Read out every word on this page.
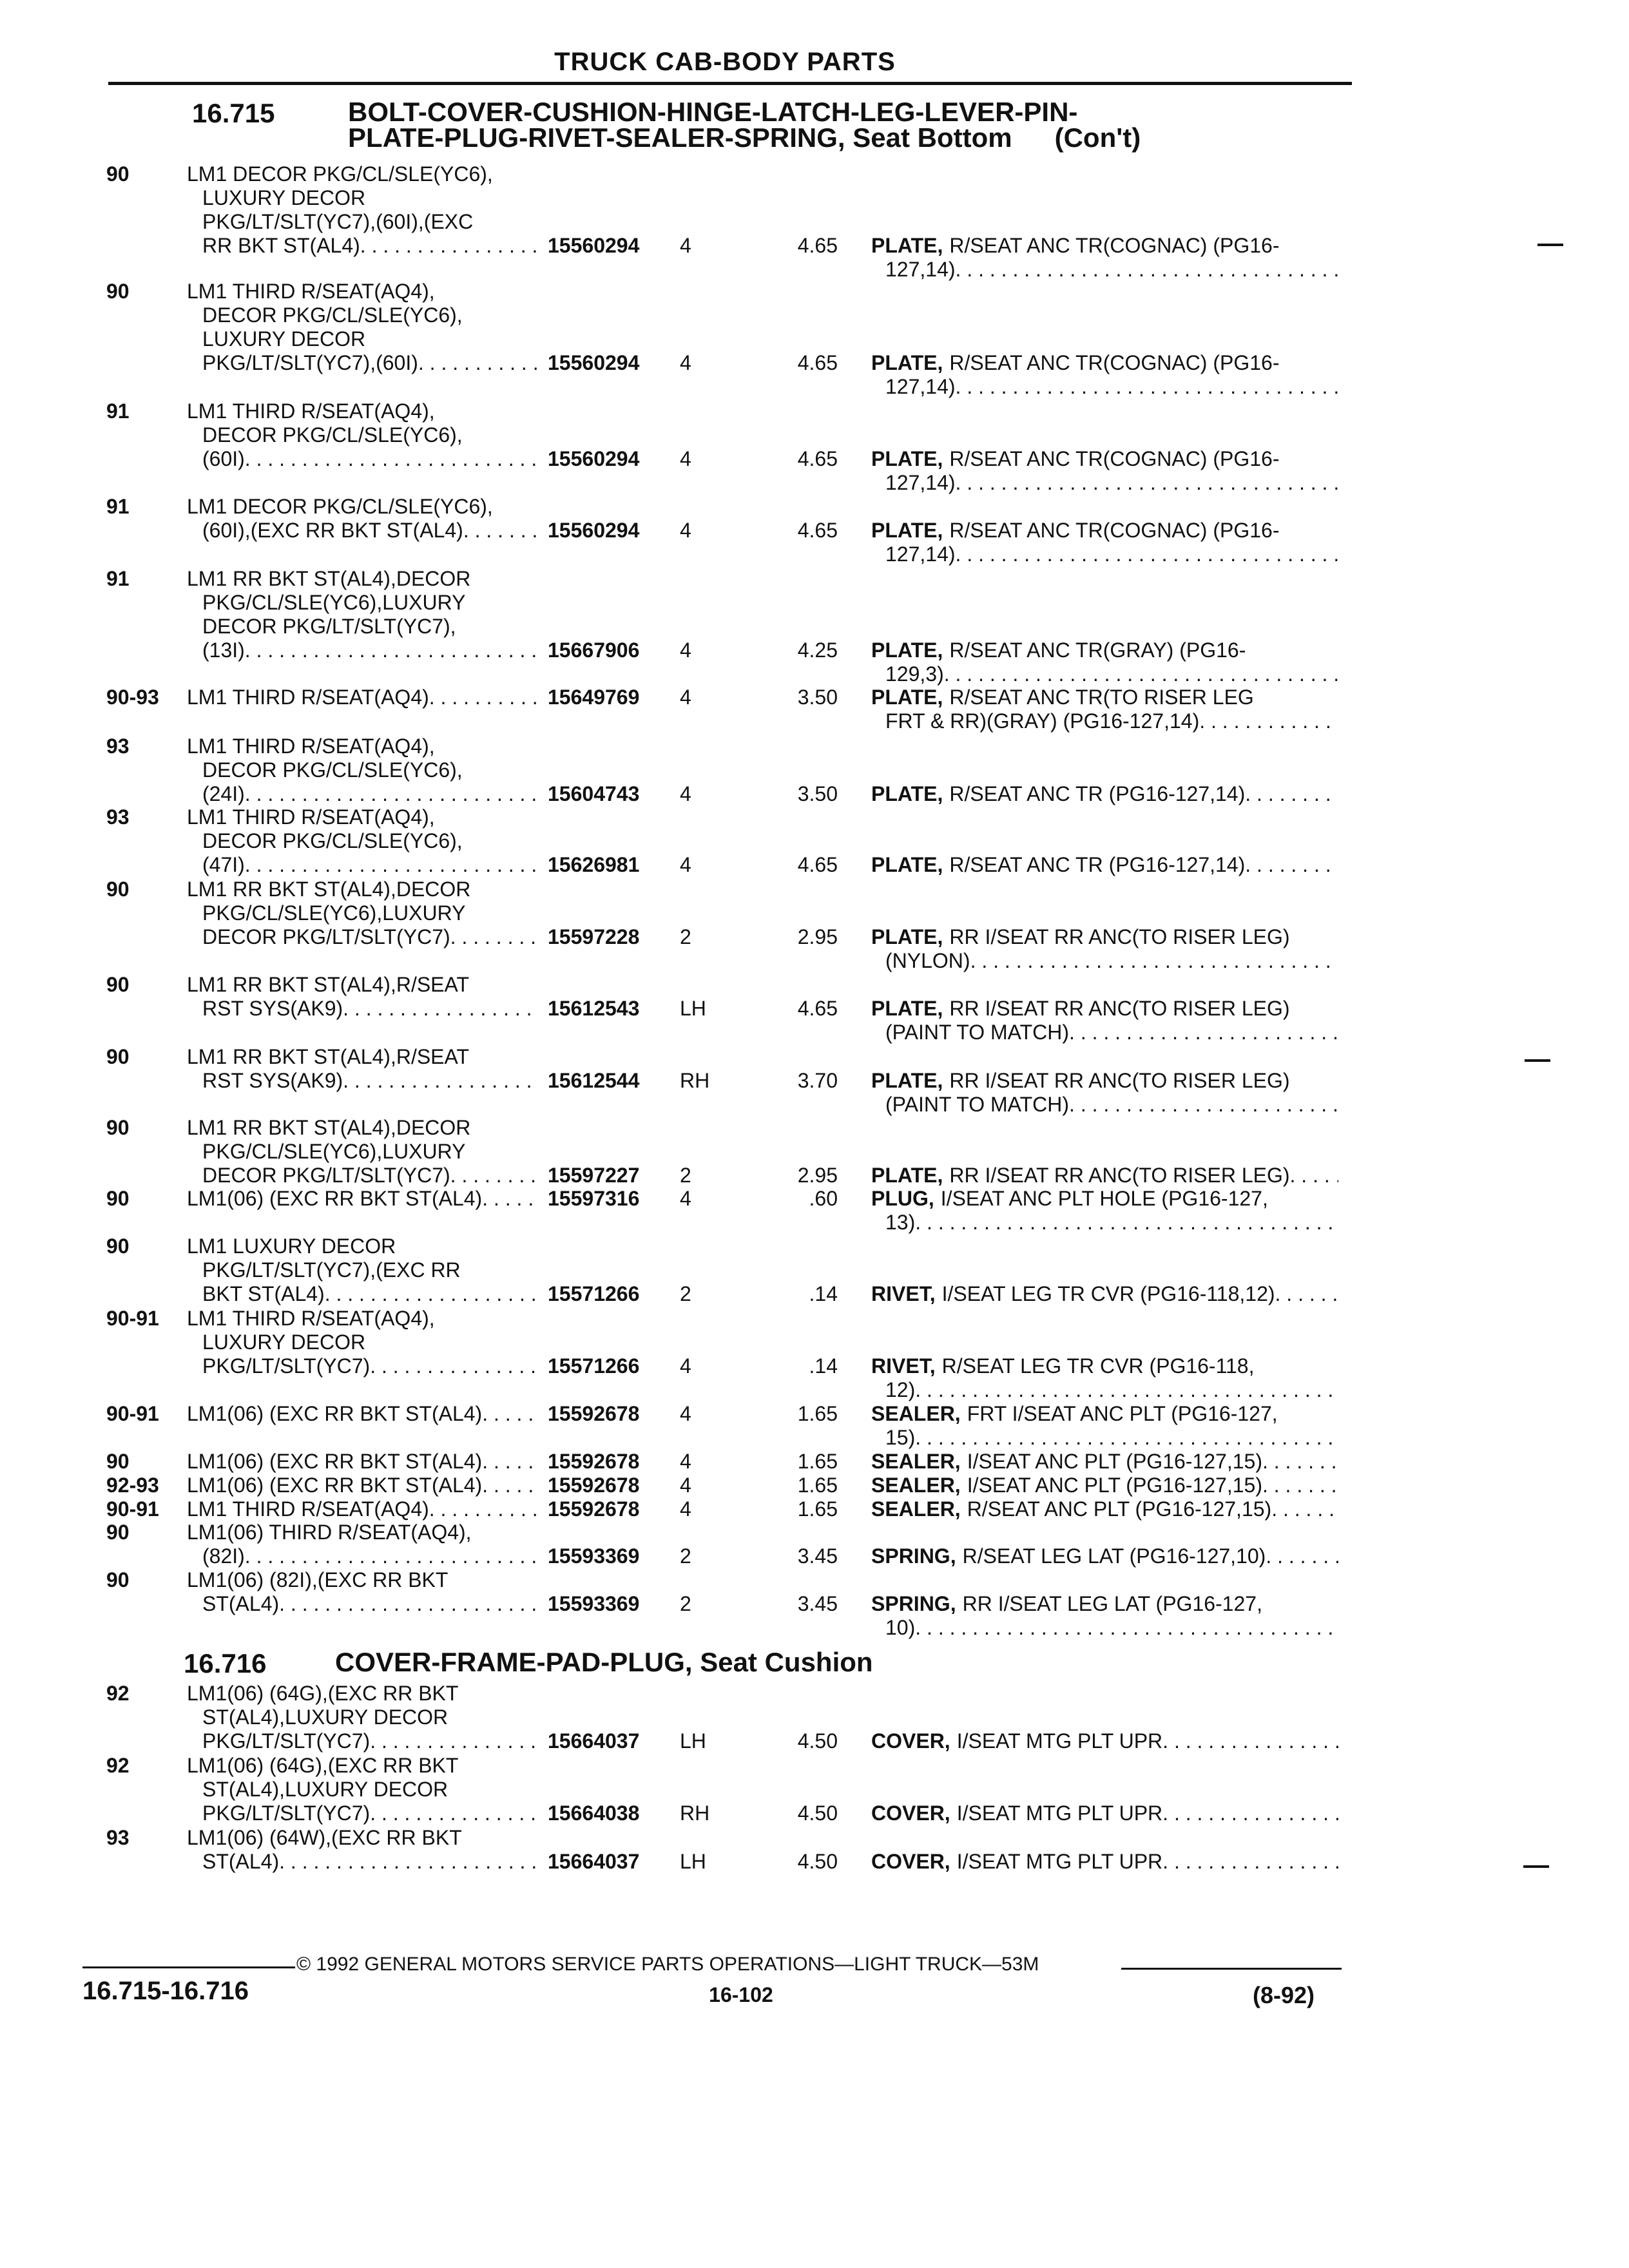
TRUCK CAB-BODY PARTS
16.715	BOLT-COVER-CUSHION-HINGE-LATCH-LEG-LEVER-PIN-
PLATE-PLUG-RIVET-SEALER-SPRING, Seat Bottom (Con't)
90	LM1 DECOR PKG/CL/SLE(YC6),
LUXURY DECOR
PKG/LT/SLT(YC7),(60I),(EXC
RR BKT ST(AL4) . . .	15560294	4	4.65 PLATE, R/SEAT ANC TR(COGNAC) (PG16-
127,14)
. . .
90	LM1 THIRD R/SEAT(AQ4),
DECOR PKG/CL/SLE(YC6),
LUXURY DECOR
PKG/LT/SLT(YC7),(60I) . . .	15560294	4	4.65 PLATE, R/SEAT ANC TR(COGNAC) (PG16-
127,14)
. . .
91	LM1 THIRD R/SEAT(AQ4),
DECOR PKG/CL/SLE(YC6),
(60I) . . .	15560294	4	4.65 PLATE, R/SEAT ANC TR(COGNAC) (PG16-
127,14)
. . .
91	LM1 DECOR PKG/CL/SLE(YC6),
(60I),(EXC RR BKT ST(AL4) . . .	15560294	4	4.65 PLATE, R/SEAT ANC TR(COGNAC) (PG16-
127,14)
. . .
91	LM1 RR BKT ST(AL4),DECOR
PKG/CL/SLE(YC6),LUXURY
DECOR PKG/LT/SLT(YC7),
(13I) . . .	15667906	4	4.25 PLATE, R/SEAT ANC TR(GRAY) (PG16-
129,3)
. . .
90-93 LM1 THIRD R/SEAT(AQ4) . . .	15649769	4	3.50 PLATE, R/SEAT ANC TR(TO RISER LEG
FRT & RR)(GRAY) (PG16-127,14)
. . .
93	LM1 THIRD R/SEAT(AQ4),
DECOR PKG/CL/SLE(YC6),
(24I) . . .	15604743	4	3.50 PLATE, R/SEAT ANC TR (PG16-127,14)
. . .
93	LM1 THIRD R/SEAT(AQ4),
DECOR PKG/CL/SLE(YC6),
(47I) . . .	15626981	4	4.65 PLATE, R/SEAT ANC TR (PG16-127,14)
. . .
90	LM1 RR BKT ST(AL4),DECOR
PKG/CL/SLE(YC6),LUXURY
DECOR PKG/LT/SLT(YC7) . . .	15597228	2	2.95 PLATE, RR I/SEAT RR ANC(TO RISER LEG)
(NYLON)
. . .
90	LM1 RR BKT ST(AL4),R/SEAT
RST SYS(AK9) . . .	15612543	LH	4.65 PLATE, RR I/SEAT RR ANC(TO RISER LEG)
(PAINT TO MATCH)
. . .
90	LM1 RR BKT ST(AL4),R/SEAT
RST SYS(AK9) . . .	15612544	RH	3.70 PLATE, RR I/SEAT RR ANC(TO RISER LEG)
(PAINT TO MATCH)
. . .
90	LM1 RR BKT ST(AL4),DECOR
PKG/CL/SLE(YC6),LUXURY
DECOR PKG/LT/SLT(YC7) . . .	15597227	2	2.95 PLATE, RR I/SEAT RR ANC(TO RISER LEG)
. . .
90	LM1(06) (EXC RR BKT ST(AL4) . . .	15597316	4	.60 PLUG, I/SEAT ANC PLT HOLE (PG16-127,
13)
. . .
90	LM1 LUXURY DECOR
PKG/LT/SLT(YC7),(EXC RR
BKT ST(AL4) . . .	15571266	2	.14 RIVET, I/SEAT LEG TR CVR (PG16-118,12)
. . .
90-91 LM1 THIRD R/SEAT(AQ4),
LUXURY DECOR
PKG/LT/SLT(YC7) . . .	15571266	4	.14 RIVET, R/SEAT LEG TR CVR (PG16-118,
12)
. . .
90-91 LM1(06) (EXC RR BKT ST(AL4) . . .	15592678	4	1.65 SEALER, FRT I/SEAT ANC PLT (PG16-127,
15)
. . .
90	LM1(06) (EXC RR BKT ST(AL4) . . .	15592678	4	1.65 SEALER, I/SEAT ANC PLT (PG16-127,15)
. . .
92-93 LM1(06) (EXC RR BKT ST(AL4) . . .	15592678	4	1.65 SEALER, I/SEAT ANC PLT (PG16-127,15)
. . .
90-91 LM1 THIRD R/SEAT(AQ4) . . .	15592678	4	1.65 SEALER, R/SEAT ANC PLT (PG16-127,15)
. . .
90	LM1(06) THIRD R/SEAT(AQ4),
(82I) . . .	15593369	2	3.45 SPRING, R/SEAT LEG LAT (PG16-127,10)
. . .
90	LM1(06) (82I),(EXC RR BKT
ST(AL4) . . .	15593369	2	3.45 SPRING, RR I/SEAT LEG LAT (PG16-127,
10)
. . .
16.716	COVER-FRAME-PAD-PLUG, Seat Cushion
92	LM1(06) (64G),(EXC RR BKT
ST(AL4),LUXURY DECOR
PKG/LT/SLT(YC7) . . .	15664037	LH	4.50 COVER, I/SEAT MTG PLT UPR
. . .
92	LM1(06) (64G),(EXC RR BKT
ST(AL4),LUXURY DECOR
PKG/LT/SLT(YC7) . . .	15664038	RH	4.50 COVER, I/SEAT MTG PLT UPR
. . .
93	LM1(06) (64W),(EXC RR BKT
ST(AL4) . . .	15664037	LH	4.50 COVER, I/SEAT MTG PLT UPR
. . .
© 1992 GENERAL MOTORS SERVICE PARTS OPERATIONS—LIGHT TRUCK—53M
16.715-16.716	16-102	(8-92)
